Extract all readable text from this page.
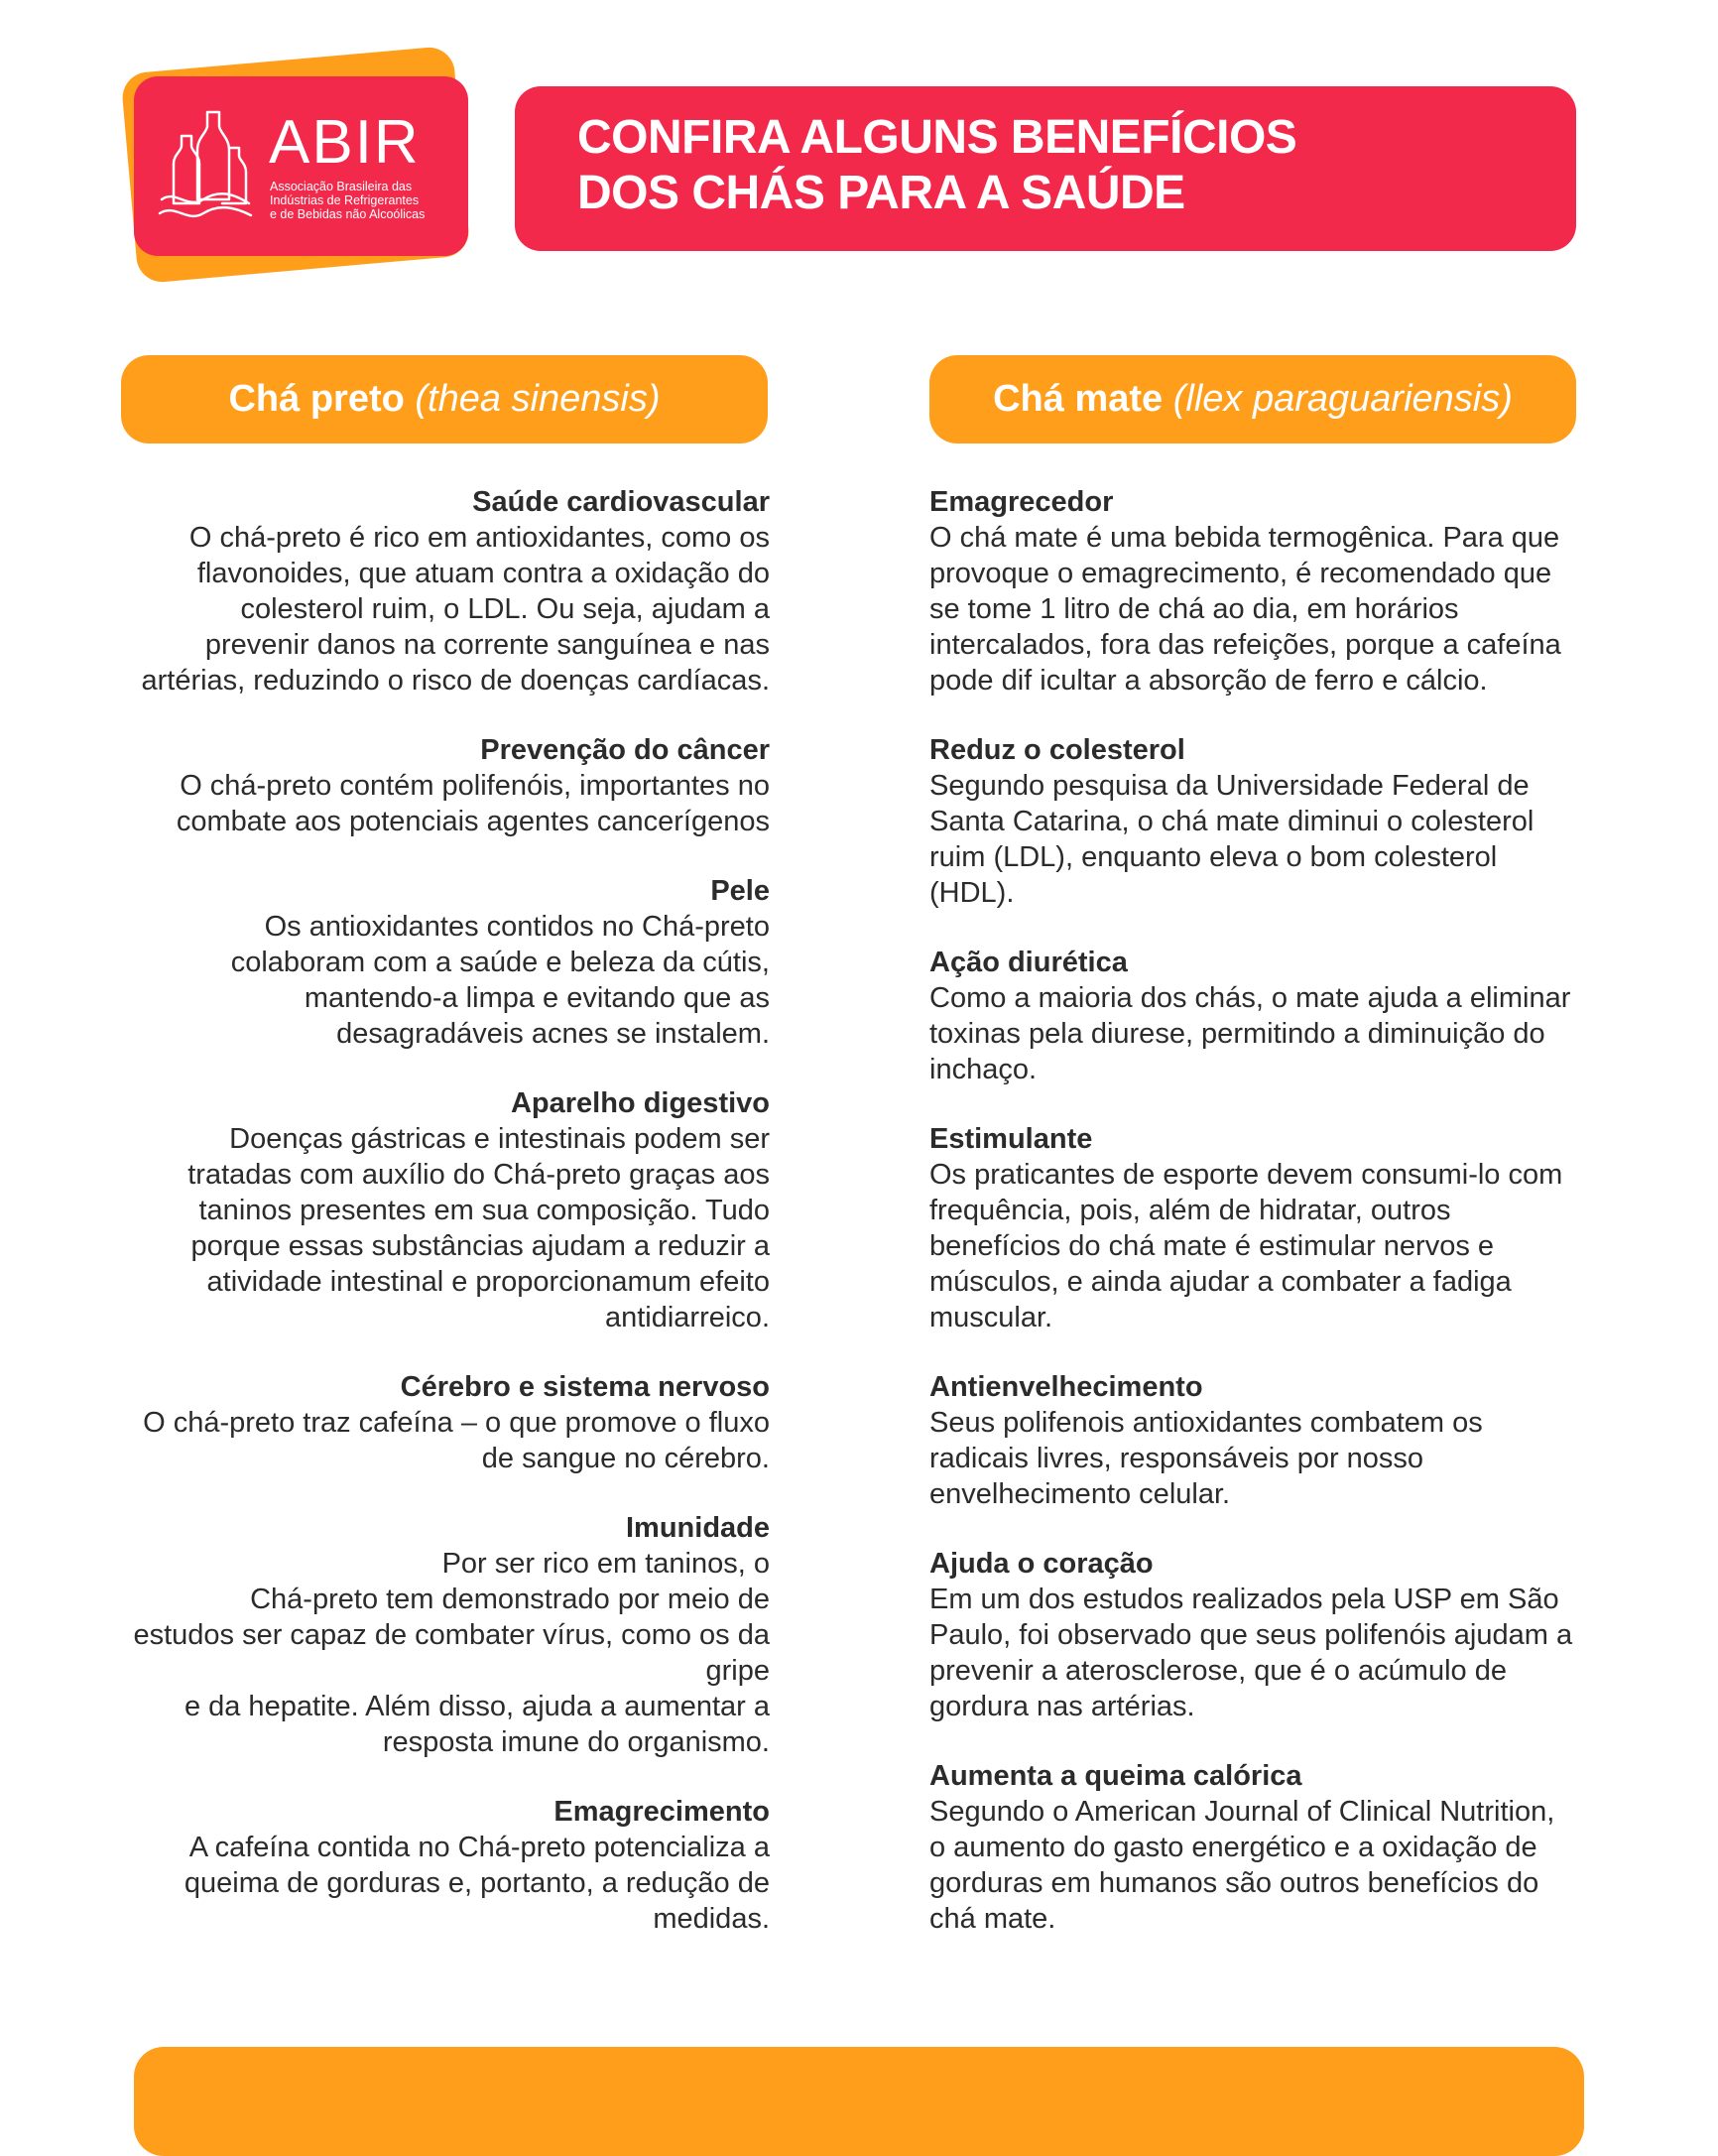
ABIR
Associação Brasileira das
Indústrias de Refrigerantes
e de Bebidas não Alcoólicas
CONFIRA ALGUNS BENEFÍCIOS
DOS CHÁS PARA A SAÚDE
Chá preto (thea sinensis)	Chá mate (llex paraguariensis)
Saúde cardiovascular
O chá-preto é rico em antioxidantes, como os
flavonoides, que atuam contra a oxidação do
colesterol ruim, o LDL. Ou seja, ajudam a
prevenir danos na corrente sanguínea e nas
artérias, reduzindo o risco de doenças cardíacas.
Prevenção do câncer
O chá-preto contém polifenóis, importantes no
combate aos potenciais agentes cancerígenos
Pele
Os antioxidantes contidos no Chá-preto
colaboram com a saúde e beleza da cútis,
mantendo-a limpa e evitando que as
desagradáveis acnes se instalem.
Aparelho digestivo
Doenças gástricas e intestinais podem ser
tratadas com auxílio do Chá-preto graças aos
taninos presentes em sua composição. Tudo
porque essas substâncias ajudam a reduzir a
atividade intestinal e proporcionamum efeito
antidiarreico.
Cérebro e sistema nervoso
O chá-preto traz cafeína – o que promove o fluxo
de sangue no cérebro.
Imunidade
Por ser rico em taninos, o
Chá-preto tem demonstrado por meio de
estudos ser capaz de combater vírus, como os da
gripe
e da hepatite. Além disso, ajuda a aumentar a
resposta imune do organismo.
Emagrecimento
A cafeína contida no Chá-preto potencializa a
queima de gorduras e, portanto, a redução de
medidas.
Emagrecedor
O chá mate é uma bebida termogênica. Para que
provoque o emagrecimento, é recomendado que
se tome 1 litro de chá ao dia, em horários
intercalados, fora das refeições, porque a cafeína
pode dif icultar a absorção de ferro e cálcio.
Reduz o colesterol
Segundo pesquisa da Universidade Federal de
Santa Catarina, o chá mate diminui o colesterol
ruim (LDL), enquanto eleva o bom colesterol
(HDL).
Ação diurética
Como a maioria dos chás, o mate ajuda a eliminar
toxinas pela diurese, permitindo a diminuição do
inchaço.
Estimulante
Os praticantes de esporte devem consumi-lo com
frequência, pois, além de hidratar, outros
benefícios do chá mate é estimular nervos e
músculos, e ainda ajudar a combater a fadiga
muscular.
Antienvelhecimento
Seus polifenois antioxidantes combatem os
radicais livres, responsáveis por nosso
envelhecimento celular.
Ajuda o coração
Em um dos estudos realizados pela USP em São
Paulo, foi observado que seus polifenóis ajudam a
prevenir a aterosclerose, que é o acúmulo de
gordura nas artérias.
Aumenta a queima calórica
Segundo o American Journal of Clinical Nutrition,
o aumento do gasto energético e a oxidação de
gorduras em humanos são outros benefícios do
chá mate.
